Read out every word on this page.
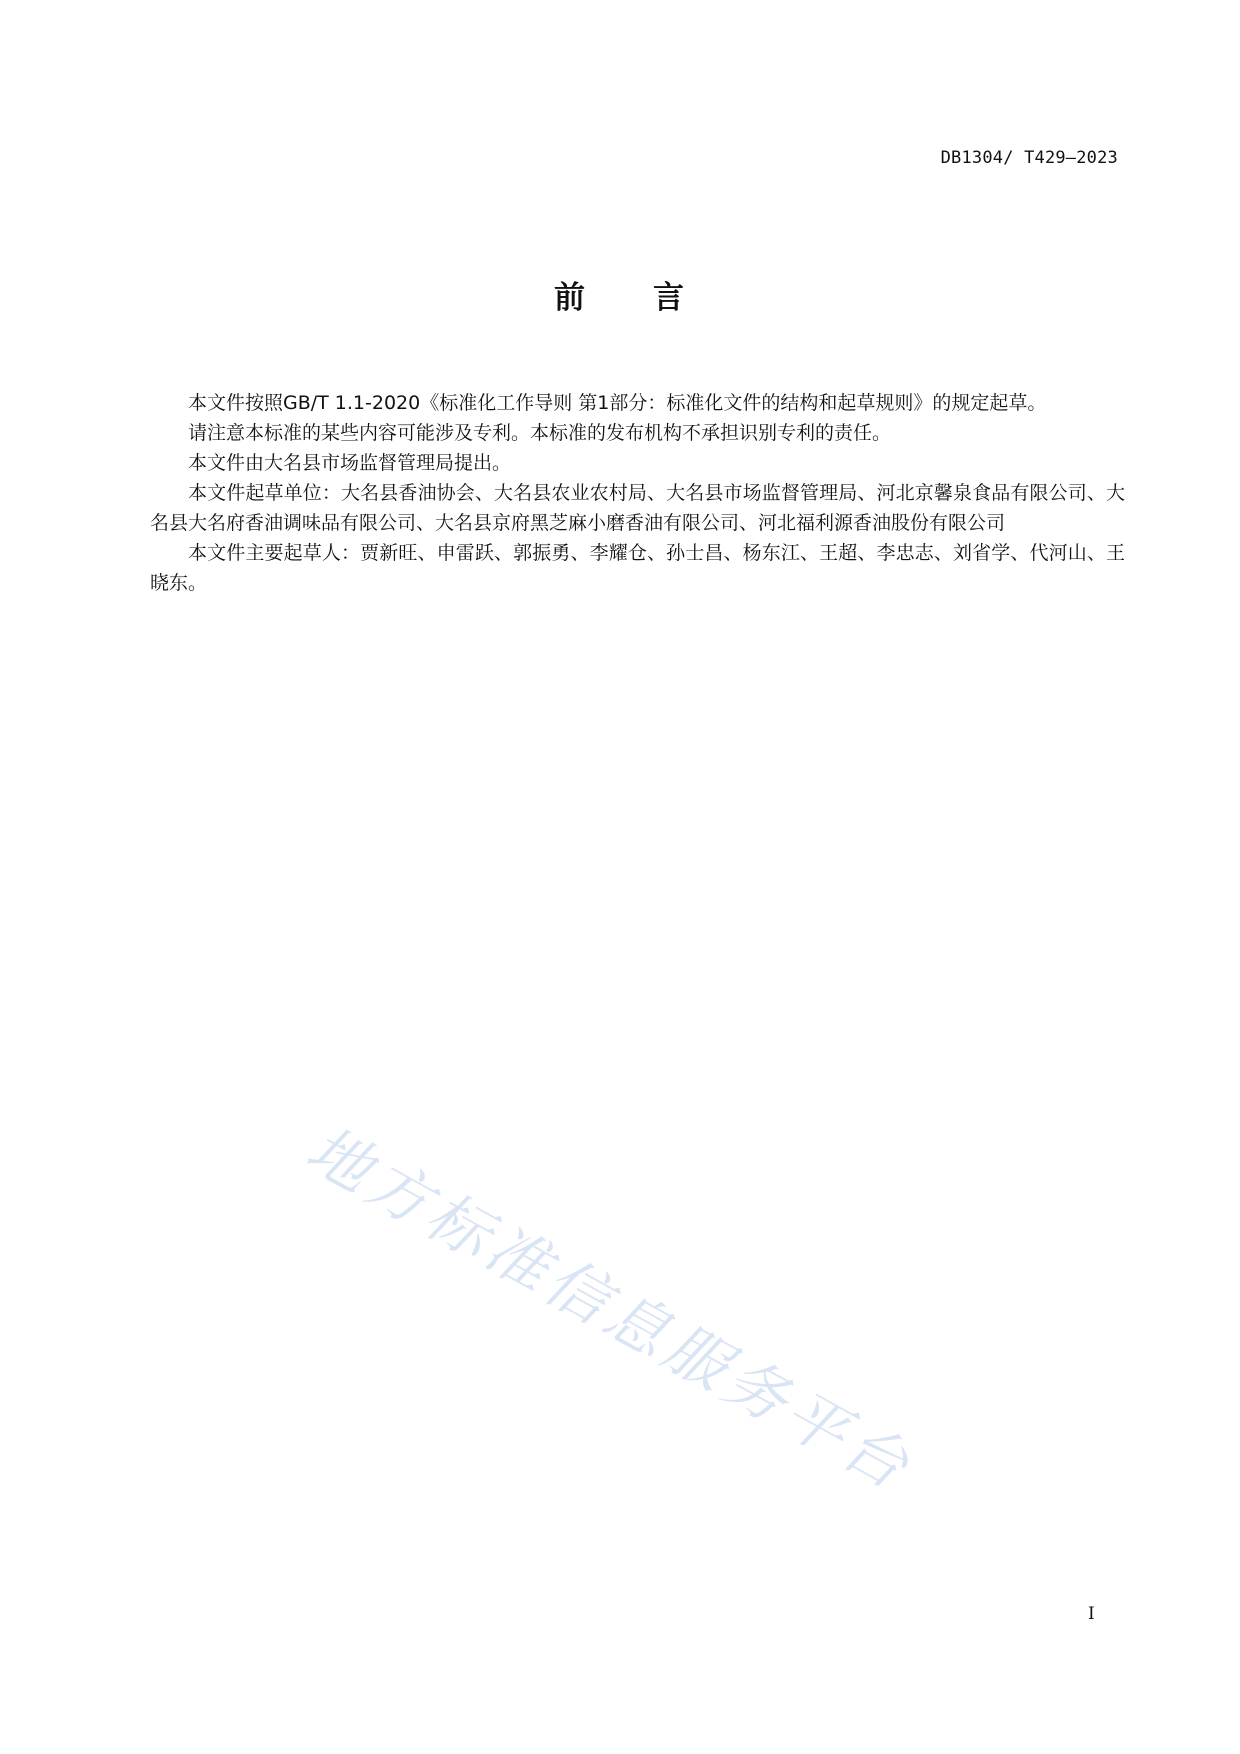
DB1304/ T429—2023
前 言

本文件按照GB/T 1.1-2020《标准化工作导则 第1部分：标准化文件的结构和起草规则》的规定起草。

请注意本标准的某些内容可能涉及专利。本标准的发布机构不承担识别专利的责任。

本文件由大名县市场监督管理局提出。

本文件起草单位：大名县香油协会、大名县农业农村局、大名县市场监督管理局、河北京馨泉食品有限公司、大名县大名府香油调味品有限公司、大名县京府黑芝麻小磨香油有限公司、河北福利源香油股份有限公司

本文件主要起草人：贾新旺、申雷跃、郭振勇、李耀仓、孙士昌、杨东江、王超、李忠志、刘省学、代河山、王晓东。

地方标准信息服务平台
I
